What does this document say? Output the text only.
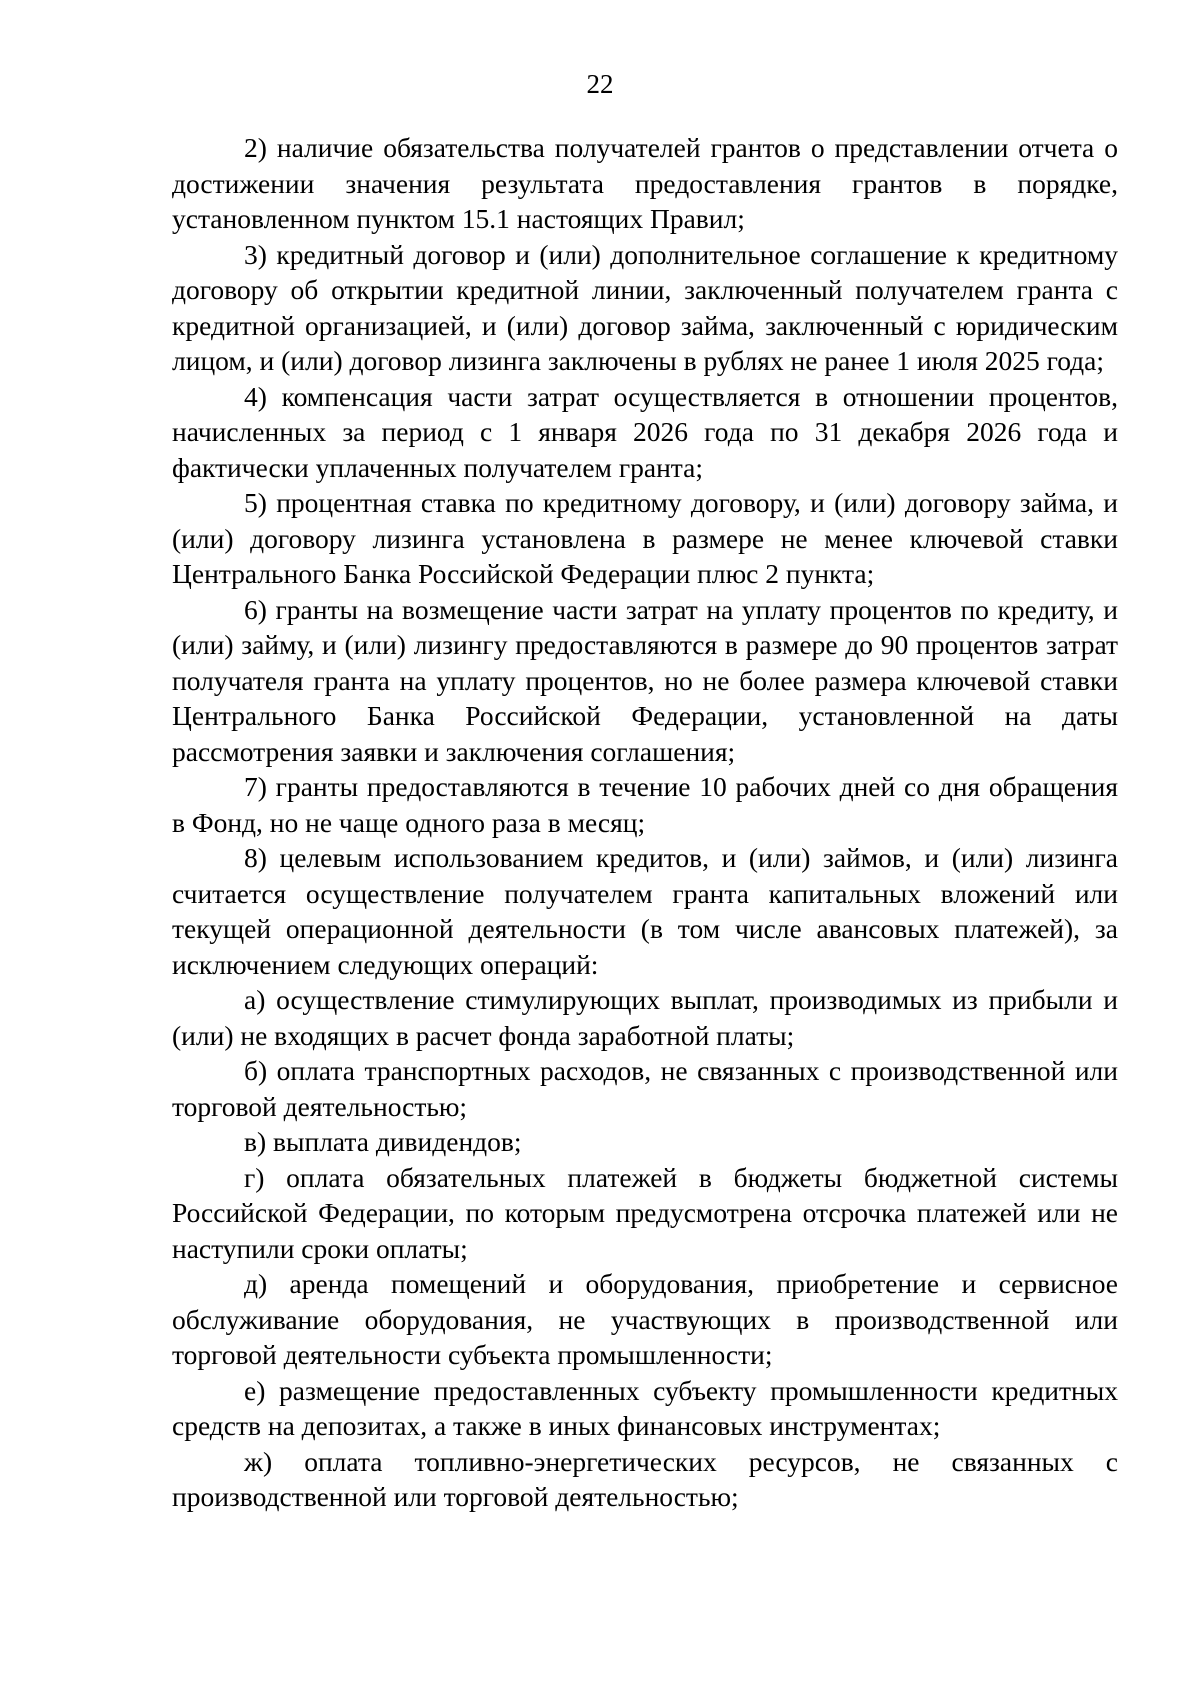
22

2) наличие обязательства получателей грантов о представлении отчета о достижении значения результата предоставления грантов в порядке, установленном пунктом 15.1 настоящих Правил;

3) кредитный договор и (или) дополнительное соглашение к кредитному договору об открытии кредитной линии, заключенный получателем гранта с кредитной организацией, и (или) договор займа, заключенный с юридическим лицом, и (или) договор лизинга заключены в рублях не ранее 1 июля 2025 года;

4) компенсация части затрат осуществляется в отношении процентов, начисленных за период с 1 января 2026 года по 31 декабря 2026 года и фактически уплаченных получателем гранта;

5) процентная ставка по кредитному договору, и (или) договору займа, и (или) договору лизинга установлена в размере не менее ключевой ставки Центрального Банка Российской Федерации плюс 2 пункта;

6) гранты на возмещение части затрат на уплату процентов по кредиту, и (или) займу, и (или) лизингу предоставляются в размере до 90 процентов затрат получателя гранта на уплату процентов, но не более размера ключевой ставки Центрального Банка Российской Федерации, установленной на даты рассмотрения заявки и заключения соглашения;

7) гранты предоставляются в течение 10 рабочих дней со дня обращения в Фонд, но не чаще одного раза в месяц;

8) целевым использованием кредитов, и (или) займов, и (или) лизинга считается осуществление получателем гранта капитальных вложений или текущей операционной деятельности (в том числе авансовых платежей), за исключением следующих операций:

а) осуществление стимулирующих выплат, производимых из прибыли и (или) не входящих в расчет фонда заработной платы;

б) оплата транспортных расходов, не связанных с производственной или торговой деятельностью;

в) выплата дивидендов;

г) оплата обязательных платежей в бюджеты бюджетной системы Российской Федерации, по которым предусмотрена отсрочка платежей или не наступили сроки оплаты;

д) аренда помещений и оборудования, приобретение и сервисное обслуживание оборудования, не участвующих в производственной или торговой деятельности субъекта промышленности;

е) размещение предоставленных субъекту промышленности кредитных средств на депозитах, а также в иных финансовых инструментах;

ж) оплата топливно-энергетических ресурсов, не связанных с производственной или торговой деятельностью;
